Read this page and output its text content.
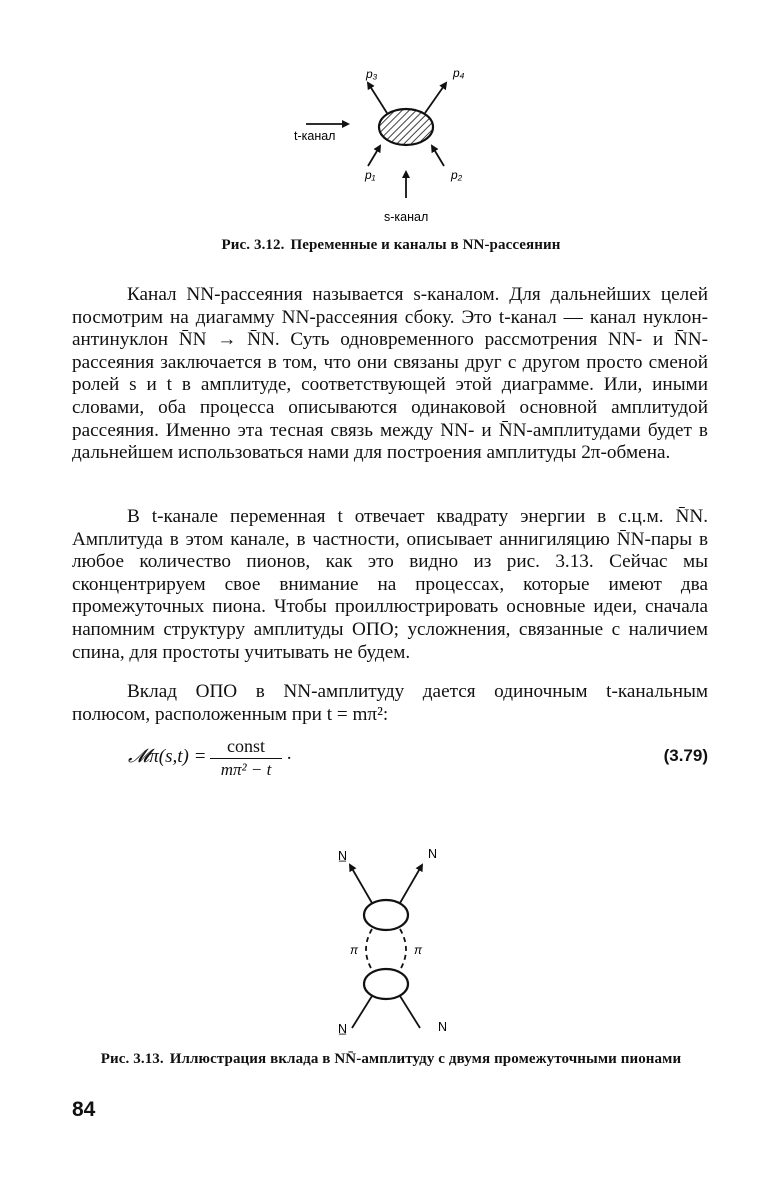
p₃	p₄
p₁	p₂
t-канал
s-канал
Рис. 3.12. Переменные и каналы в NN-рассеянин

Канал NN-рассеяния называется s-каналом. Для дальнейших целей посмотрим на диагамму NN-рассеяния сбоку. Это t-канал — канал нуклон-антинуклон N̄N → N̄N. Суть одновременного рассмотрения NN- и N̄N-рассеяния заключается в том, что они связаны друг с другом просто сменой ролей s и t в амплитуде, соответствующей этой диаграмме. Или, иными словами, оба процесса описываются одинаковой основной амплитудой рассеяния. Именно эта тесная связь между NN- и N̄N-амплитудами будет в дальнейшем использоваться нами для построения амплитуды 2π-обмена.

В t-канале переменная t отвечает квадрату энергии в с.ц.м. N̄N. Амплитуда в этом канале, в частности, описывает аннигиляцию N̄N-пары в любое количество пионов, как это видно из рис. 3.13. Сейчас мы сконцентрируем свое внимание на процессах, которые имеют два промежуточных пиона. Чтобы проиллюстрировать основные идеи, сначала напомним структуру амплитуды ОПО; усложнения, связанные с наличием спина, для простоты учитывать не будем.

Вклад ОПО в NN-амплитуду дается одиночным t-канальным полюсом, расположенным при t = mπ²:

𝓜π(s,t) =	const
mπ² − t
·	(3.79)
N̲	N
π	π
N̲	N
Рис. 3.13. Иллюстрация вклада в NN̄-амплитуду с двумя промежуточными пионами
84
